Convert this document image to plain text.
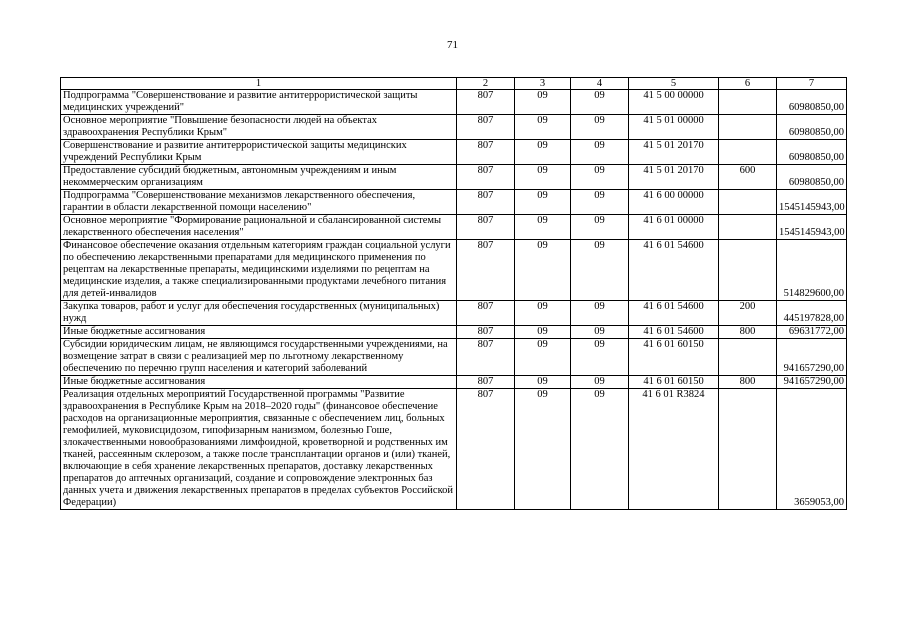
71
1	2	3	4	5	6	7
Подпрограмма "Совершенствование и развитие антитеррористической защиты медицинских учреждений"	807	09	09	41 5 00 00000		60980850,00
Основное мероприятие "Повышение безопасности людей на объектах здравоохранения Республики Крым"	807	09	09	41 5 01 00000		60980850,00
Совершенствование и развитие антитеррористической защиты медицинских учреждений Республики Крым	807	09	09	41 5 01 20170		60980850,00
Предоставление субсидий бюджетным, автономным учреждениям и иным некоммерческим организациям	807	09	09	41 5 01 20170	600	60980850,00
Подпрограмма "Совершенствование механизмов лекарственного обеспечения, гарантии в области лекарственной помощи населению"	807	09	09	41 6 00 00000		1545145943,00
Основное мероприятие "Формирование рациональной и сбалансированной системы лекарственного обеспечения населения"	807	09	09	41 6 01 00000		1545145943,00
Финансовое обеспечение оказания отдельным категориям граждан социальной услуги по обеспечению лекарственными препаратами для медицинского применения по рецептам на лекарственные препараты, медицинскими изделиями по рецептам на медицинские изделия, а также специализированными продуктами лечебного питания для детей-инвалидов	807	09	09	41 6 01 54600		514829600,00
Закупка товаров, работ и услуг для обеспечения государственных (муниципальных) нужд	807	09	09	41 6 01 54600	200	445197828,00
Иные бюджетные ассигнования	807	09	09	41 6 01 54600	800	69631772,00
Субсидии юридическим лицам, не являющимся государственными учреждениями, на возмещение затрат в связи с реализацией мер по льготному лекарственному обеспечению по перечню групп населения и категорий заболеваний	807	09	09	41 6 01 60150		941657290,00
Иные бюджетные ассигнования	807	09	09	41 6 01 60150	800	941657290,00
Реализация отдельных мероприятий Государственной программы "Развитие здравоохранения в Республике Крым на 2018–2020 годы" (финансовое обеспечение расходов на организационные мероприятия, связанные с обеспечением лиц, больных гемофилией, муковисцидозом, гипофизарным нанизмом, болезнью Гоше, злокачественными новообразованиями лимфоидной, кроветворной и родственных им тканей, рассеянным склерозом, а также после трансплантации органов и (или) тканей, включающие в себя хранение лекарственных препаратов, доставку лекарственных препаратов до аптечных организаций, создание и сопровождение электронных баз данных учета и движения лекарственных препаратов в пределах субъектов Российской Федерации)	807	09	09	41 6 01 R3824		3659053,00
